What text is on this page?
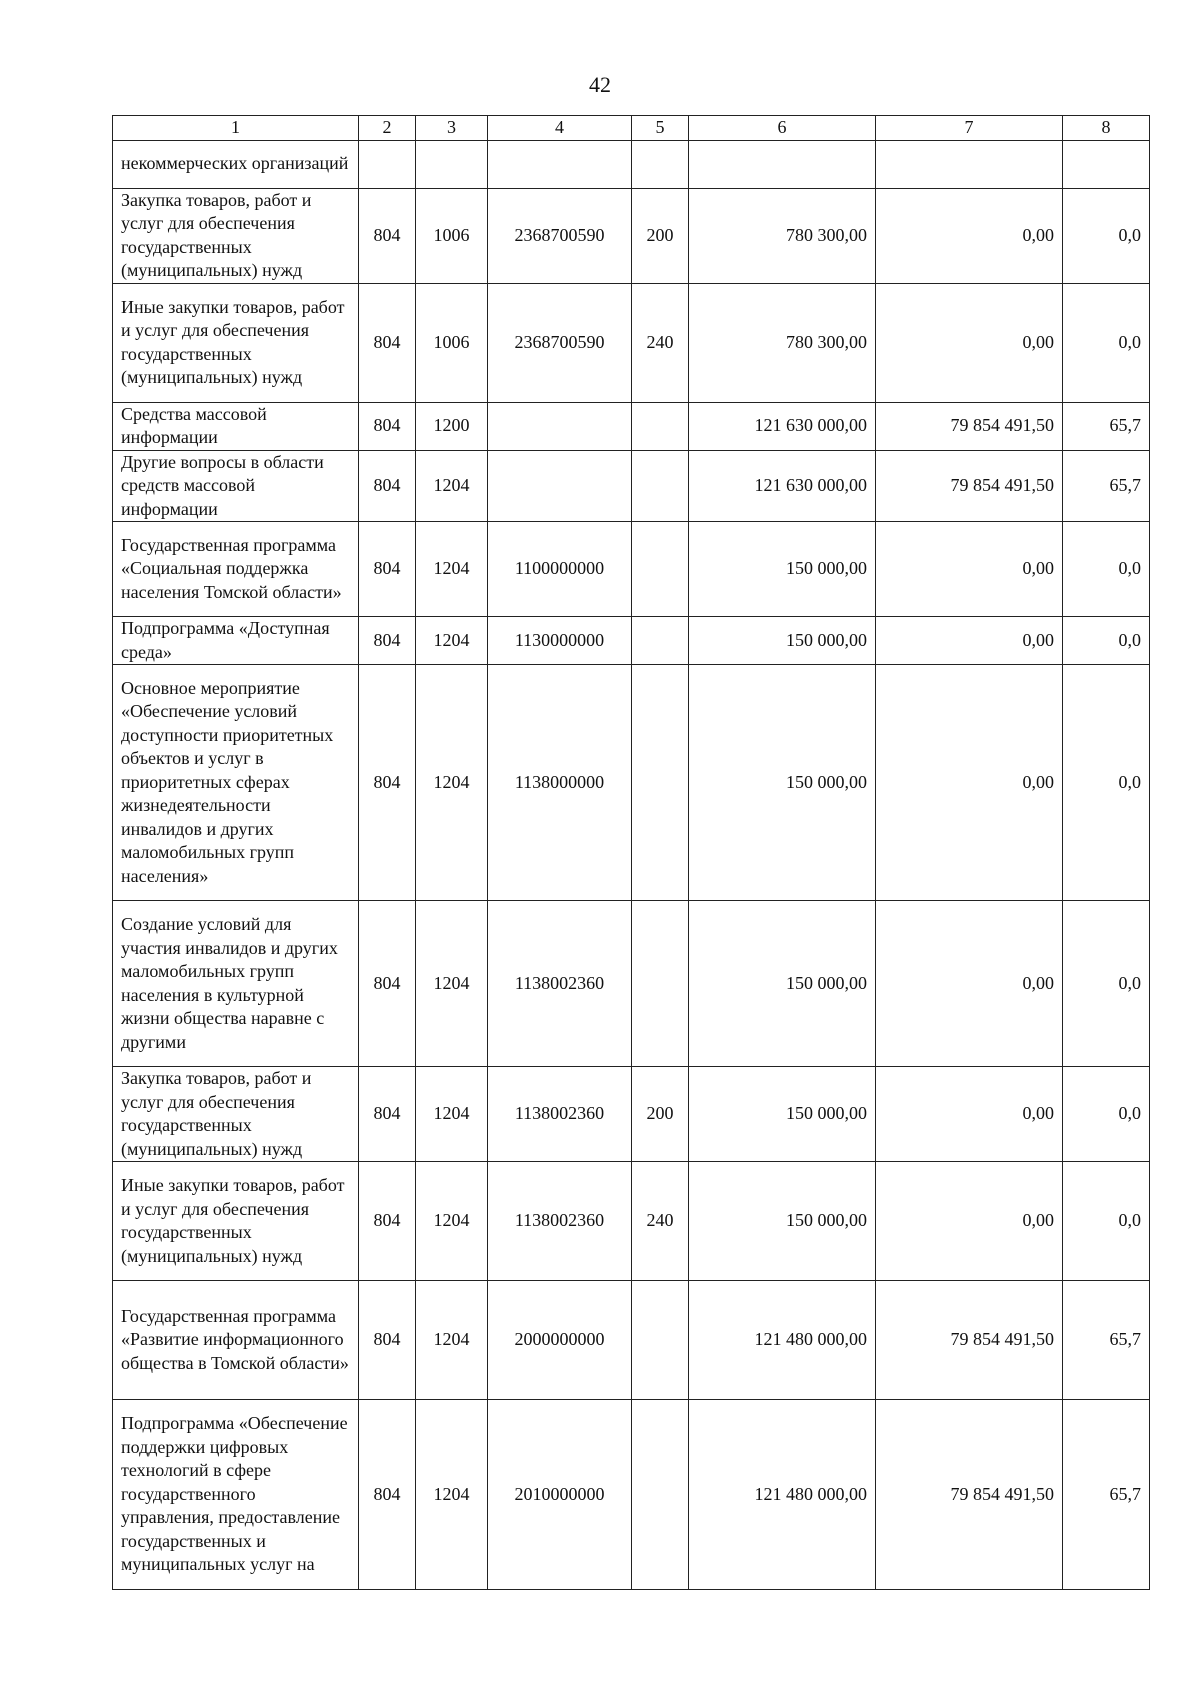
42
1	2	3	4	5	6	7	8
некоммерческих организаций							
Закупка товаров, работ и услуг для обеспечения государственных (муниципальных) нужд	804	1006	2368700590	200	780 300,00	0,00	0,0
Иные закупки товаров, работ и услуг для обеспечения государственных (муниципальных) нужд	804	1006	2368700590	240	780 300,00	0,00	0,0
Средства массовой информации	804	1200			121 630 000,00	79 854 491,50	65,7
Другие вопросы в области средств массовой информации	804	1204			121 630 000,00	79 854 491,50	65,7
Государственная программа «Социальная поддержка населения Томской области»	804	1204	1100000000		150 000,00	0,00	0,0
Подпрограмма «Доступная среда»	804	1204	1130000000		150 000,00	0,00	0,0
Основное мероприятие «Обеспечение условий доступности приоритетных объектов и услуг в приоритетных сферах жизнедеятельности инвалидов и других маломобильных групп населения»	804	1204	1138000000		150 000,00	0,00	0,0
Создание условий для участия инвалидов и других маломобильных групп населения в культурной жизни общества наравне с другими	804	1204	1138002360		150 000,00	0,00	0,0
Закупка товаров, работ и услуг для обеспечения государственных (муниципальных) нужд	804	1204	1138002360	200	150 000,00	0,00	0,0
Иные закупки товаров, работ и услуг для обеспечения государственных (муниципальных) нужд	804	1204	1138002360	240	150 000,00	0,00	0,0
Государственная программа «Развитие информационного общества в Томской области»	804	1204	2000000000		121 480 000,00	79 854 491,50	65,7
Подпрограмма «Обеспечение поддержки цифровых технологий в сфере государственного управления, предоставление государственных и муниципальных услуг на	804	1204	2010000000		121 480 000,00	79 854 491,50	65,7
